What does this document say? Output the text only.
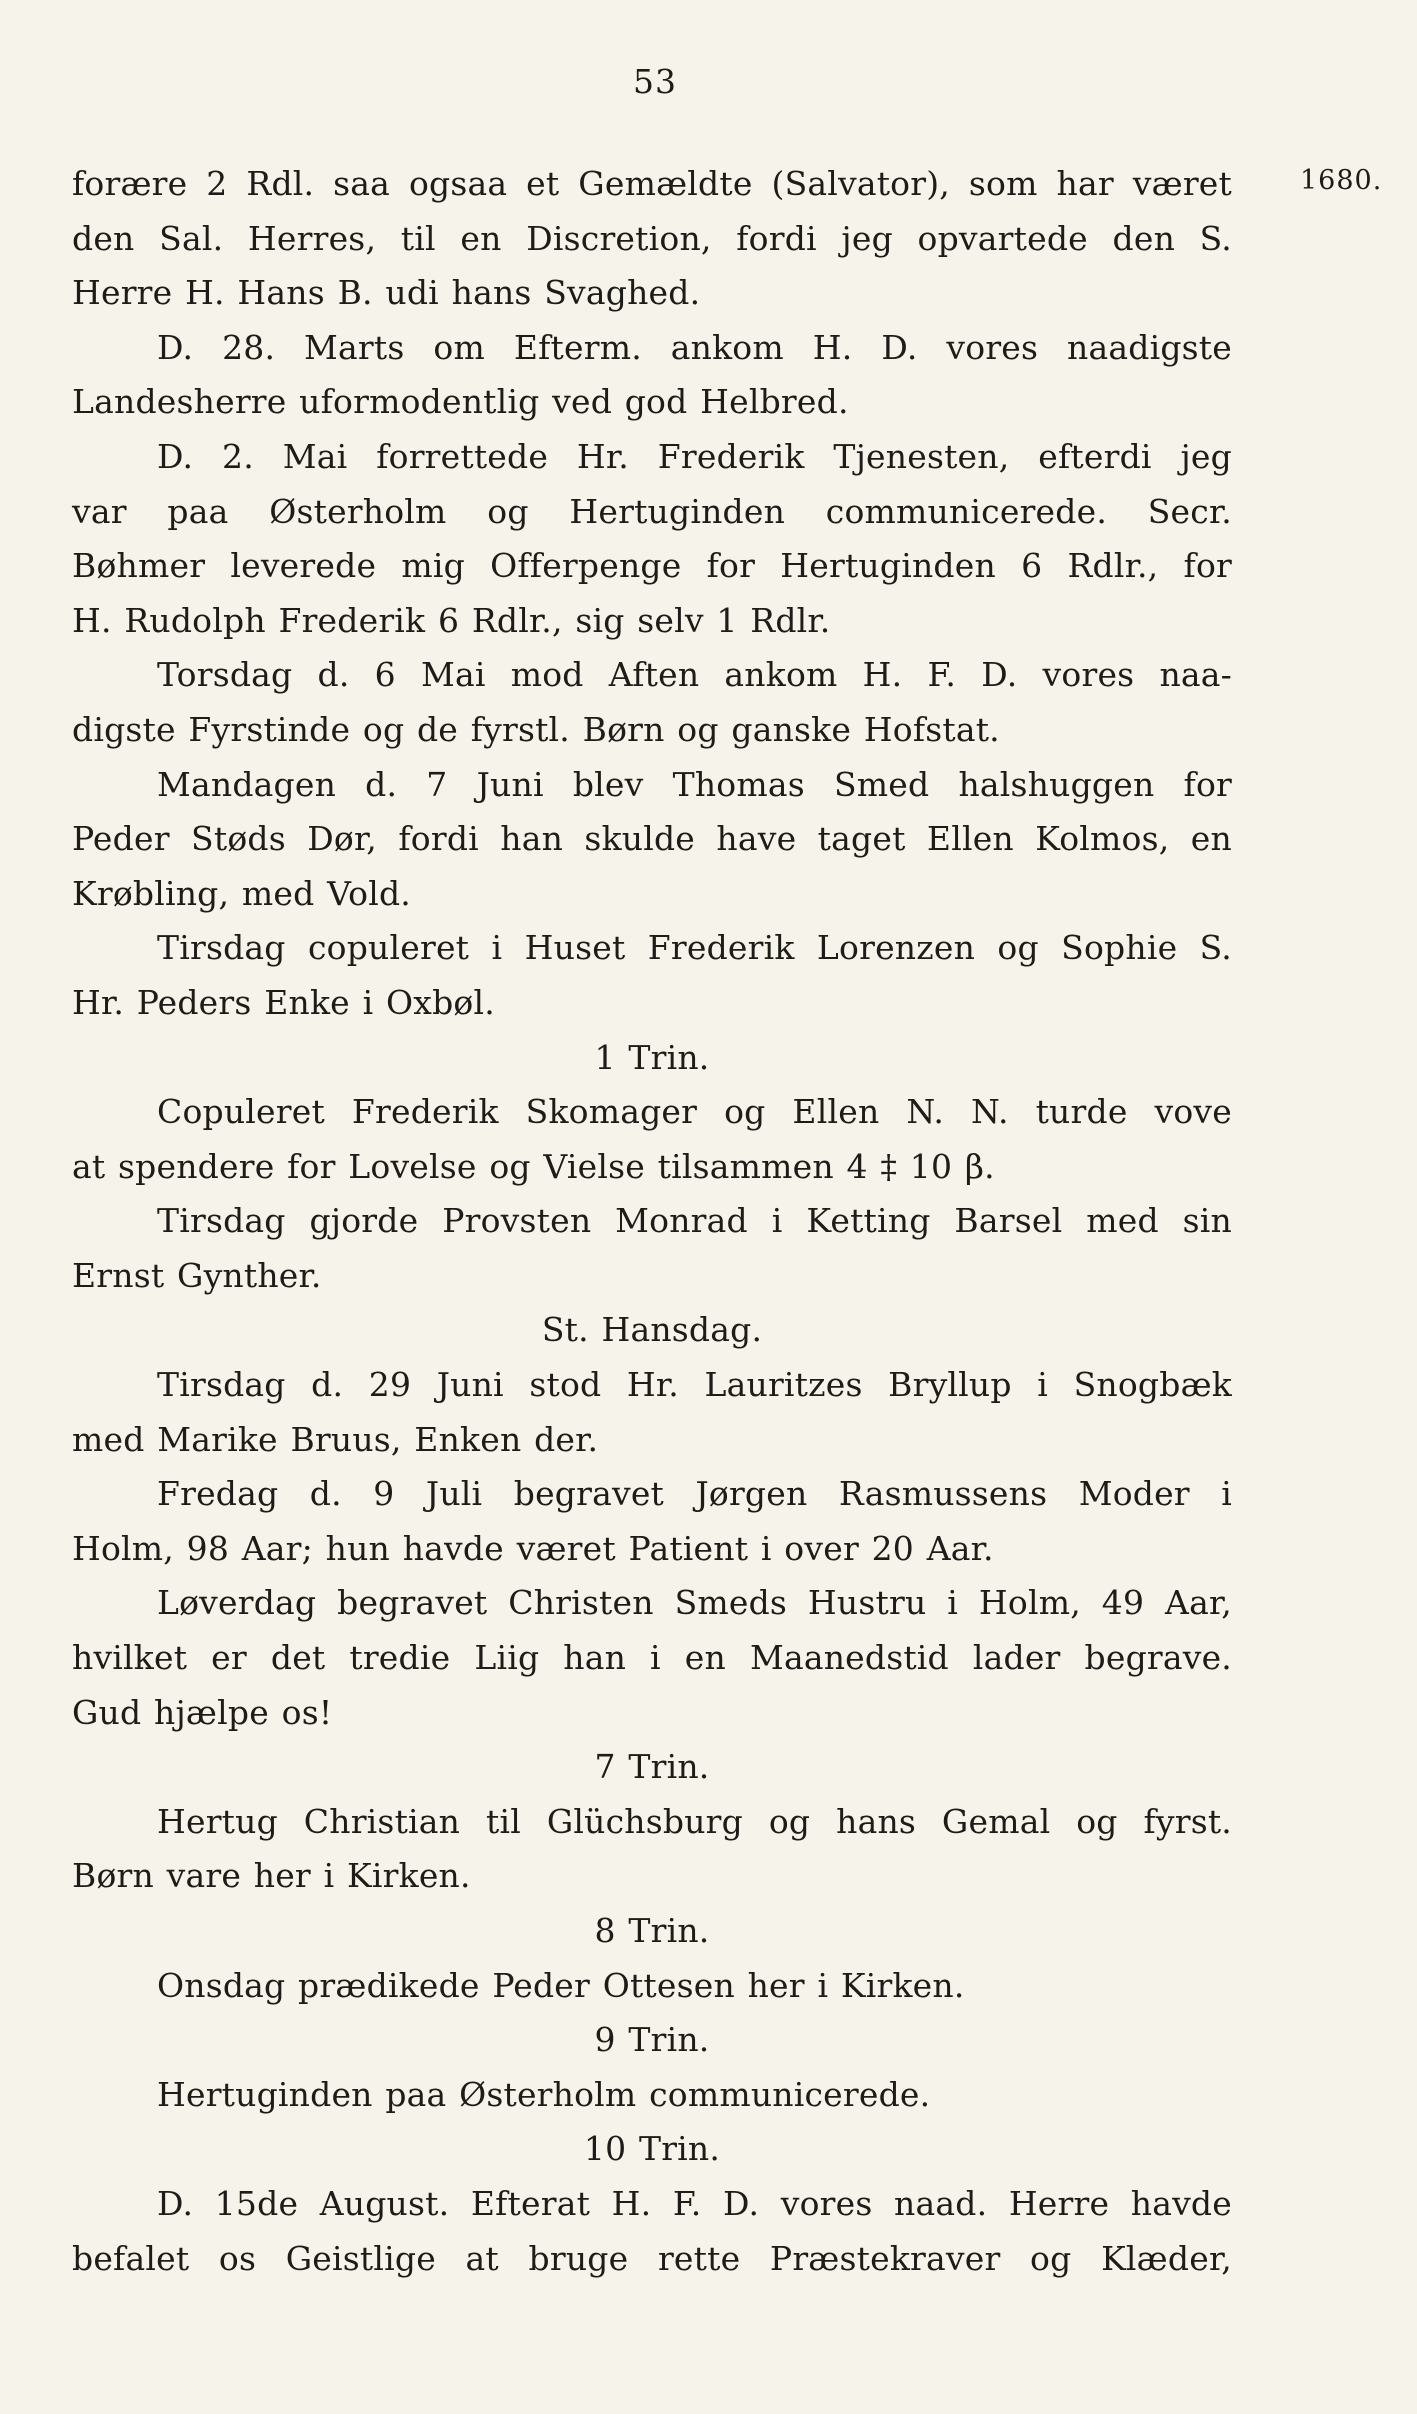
53
1680.
forære 2 Rdl. saa ogsaa et Gemældte (Salvator), som har været
den Sal. Herres, til en Discretion, fordi jeg opvartede den S.
Herre H. Hans B. udi hans Svaghed.
D. 28. Marts om Efterm. ankom H. D. vores naadigste
Landesherre uformodentlig ved god Helbred.
D. 2. Mai forrettede Hr. Frederik Tjenesten, efterdi jeg
var paa Østerholm og Hertuginden communicerede. Secr.
Bøhmer leverede mig Offerpenge for Hertuginden 6 Rdlr., for
H. Rudolph Frederik 6 Rdlr., sig selv 1 Rdlr.
Torsdag d. 6 Mai mod Aften ankom H. F. D. vores naa-
digste Fyrstinde og de fyrstl. Børn og ganske Hofstat.
Mandagen d. 7 Juni blev Thomas Smed halshuggen for
Peder Støds Dør, fordi han skulde have taget Ellen Kolmos, en
Krøbling, med Vold.
Tirsdag copuleret i Huset Frederik Lorenzen og Sophie S.
Hr. Peders Enke i Oxbøl.
1 Trin.
Copuleret Frederik Skomager og Ellen N. N. turde vove
at spendere for Lovelse og Vielse tilsammen 4 ‡ 10 β.
Tirsdag gjorde Provsten Monrad i Ketting Barsel med sin
Ernst Gynther.
St. Hansdag.
Tirsdag d. 29 Juni stod Hr. Lauritzes Bryllup i Snogbæk
med Marike Bruus, Enken der.
Fredag d. 9 Juli begravet Jørgen Rasmussens Moder i
Holm, 98 Aar; hun havde været Patient i over 20 Aar.
Løverdag begravet Christen Smeds Hustru i Holm, 49 Aar,
hvilket er det tredie Liig han i en Maanedstid lader begrave.
Gud hjælpe os!
7 Trin.
Hertug Christian til Glüchsburg og hans Gemal og fyrst.
Børn vare her i Kirken.
8 Trin.
Onsdag prædikede Peder Ottesen her i Kirken.
9 Trin.
Hertuginden paa Østerholm communicerede.
10 Trin.
D. 15de August. Efterat H. F. D. vores naad. Herre havde
befalet os Geistlige at bruge rette Præstekraver og Klæder,
